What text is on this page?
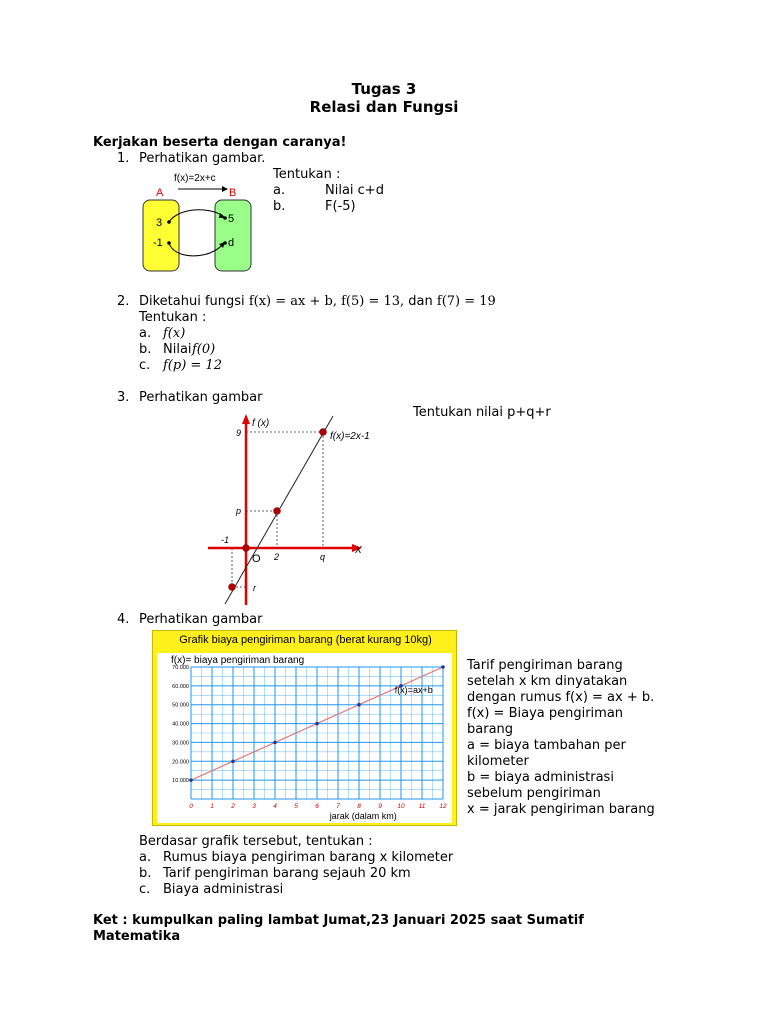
Tugas 3
Relasi dan Fungsi
Kerjakan beserta dengan caranya!
1. Perhatikan gambar.
f(x)=2x+c
A	B
3
-1
5
d
Tentukan :
a.	Nilai c+d
b.	F(-5)
2. Diketahui fungsi f(x) = ax + b, f(5) = 13, dan f(7) = 19
Tentukan :
a. f(x)
b. Nilai f(0)
c. f(p) = 12
3. Perhatikan gambar
Tentukan nilai p+q+r
f (x)
f(x)=2x-1
9
p
-1
2	q
O
X
r
4. Perhatikan gambar
Grafik biaya pengiriman barang (berat kurang 10kg)
f(x)= biaya pengiriman barang
10.000
20.000
30.000
40.000
50.000
60.000
70.000
0	1	2	3	4	5	6	7	8	9 10 11 12
jarak (dalam km)
f(x)=ax+b
Tarif pengiriman barang
setelah x km dinyatakan
dengan rumus f(x) = ax + b.
f(x) = Biaya pengiriman
barang
a = biaya tambahan per
kilometer
b = biaya administrasi
sebelum pengiriman
x = jarak pengiriman barang
Berdasar grafik tersebut, tentukan :
a. Rumus biaya pengiriman barang x kilometer
b. Tarif pengiriman barang sejauh 20 km
c. Biaya administrasi
Ket : kumpulkan paling lambat Jumat,23 Januari 2025 saat Sumatif
Matematika
